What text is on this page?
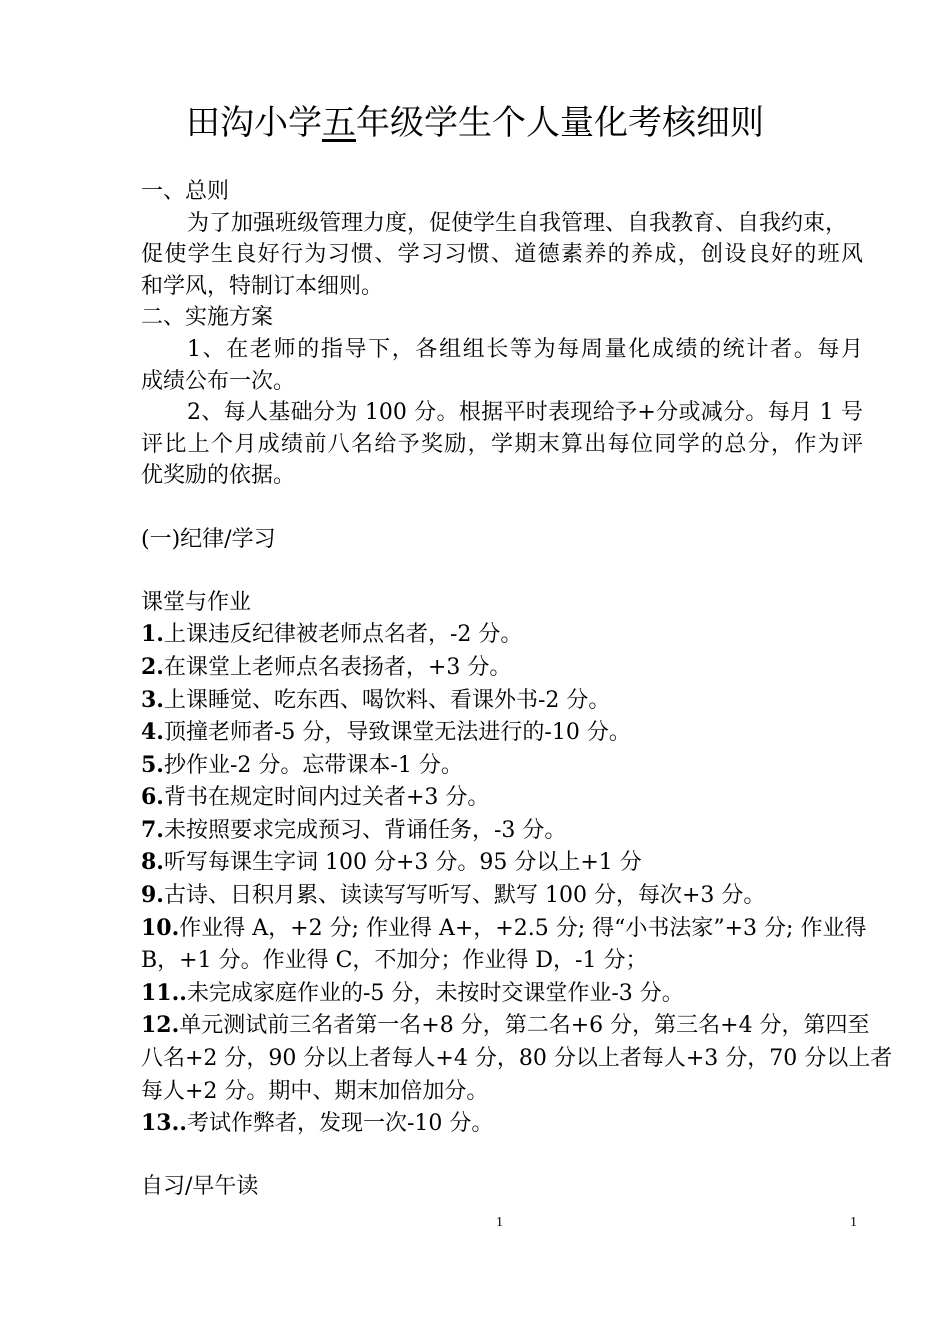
田沟小学五年级学生个人量化考核细则
一、总则
为了加强班级管理力度，促使学生自我管理、自我教育、自我约束，
促使学生良好行为习惯、学习习惯、道德素养的养成，创设良好的班风
和学风，特制订本细则。
二、实施方案
1、在老师的指导下，各组组长等为每周量化成绩的统计者。每月
成绩公布一次。
2、每人基础分为 100 分。根据平时表现给予+分或减分。每月 1 号
评比上个月成绩前八名给予奖励，学期末算出每位同学的总分，作为评
优奖励的依据。
(一)纪律/学习
课堂与作业
1.上课违反纪律被老师点名者，-2 分。
2.在课堂上老师点名表扬者，+3 分。
3.上课睡觉、吃东西、喝饮料、看课外书-2 分。
4.顶撞老师者-5 分，导致课堂无法进行的-10 分。
5.抄作业-2 分。忘带课本-1 分。
6.背书在规定时间内过关者+3 分。
7.未按照要求完成预习、背诵任务，-3 分。
8.听写每课生字词 100 分+3 分。95 分以上+1 分
9.古诗、日积月累、读读写写听写、默写 100 分，每次+3 分。
10.作业得 A，+2 分; 作业得 A+，+2.5 分; 得“小书法家”+3 分; 作业得
B，+1 分。作业得 C，不加分；作业得 D，-1 分；
11..未完成家庭作业的-5 分，未按时交课堂作业-3 分。
12.单元测试前三名者第一名+8 分，第二名+6 分，第三名+4 分，第四至
八名+2 分，90 分以上者每人+4 分，80 分以上者每人+3 分，70 分以上者
每人+2 分。期中、期末加倍加分。
13..考试作弊者，发现一次-10 分。
自习/早午读
1	1
